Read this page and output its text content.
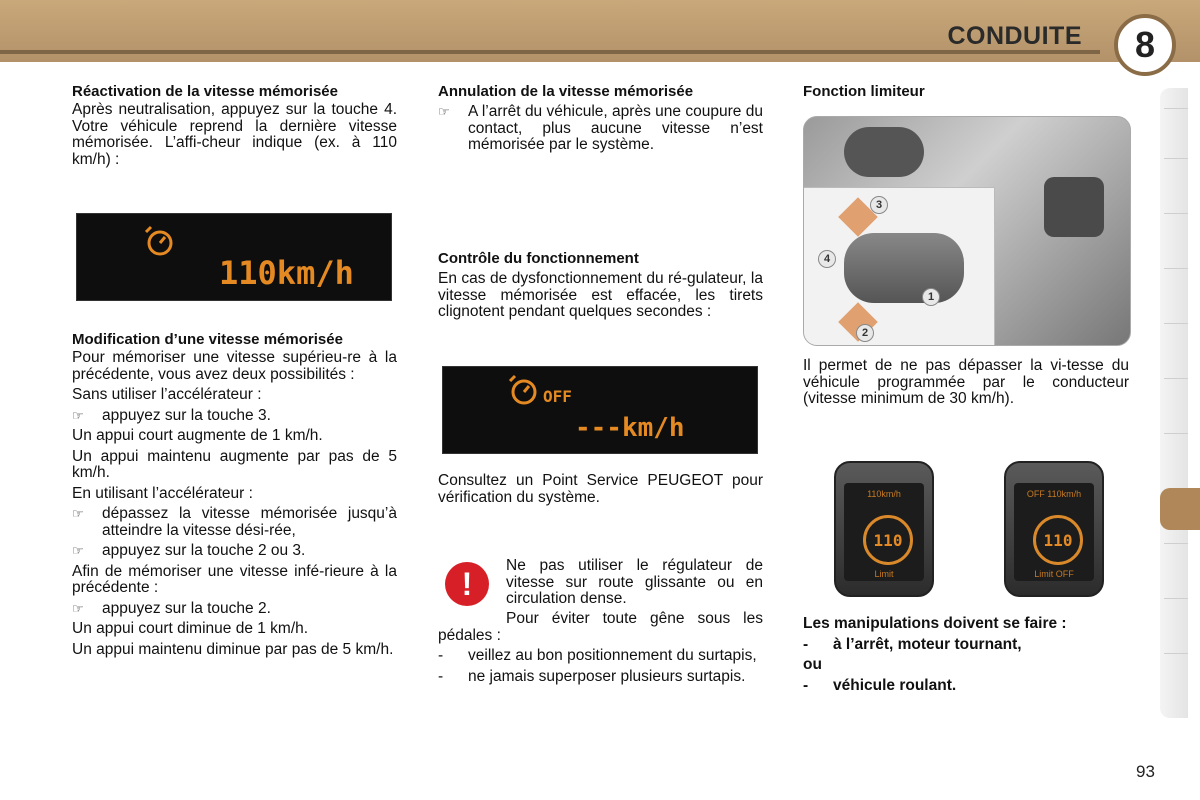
CONDUITE	8
Réactivation de la vitesse mémorisée

Après neutralisation, appuyez sur la touche 4. Votre véhicule reprend la dernière vitesse mémorisée. L’affi-cheur indique (ex. à 110 km/h) :

110km/h
Modification d’une vitesse mémorisée

Pour mémoriser une vitesse supérieu-re à la précédente, vous avez deux possibilités :

Sans utiliser l’accélérateur :

☞	appuyez sur la touche 3.

Un appui court augmente de 1 km/h.

Un appui maintenu augmente par pas de 5 km/h.

En utilisant l’accélérateur :

☞	dépassez la vitesse mémorisée jusqu’à atteindre la vitesse dési-rée,
☞	appuyez sur la touche 2 ou 3.

Afin de mémoriser une vitesse infé-rieure à la précédente :

☞	appuyez sur la touche 2.

Un appui court diminue de 1 km/h.

Un appui maintenu diminue par pas de 5 km/h.

Annulation de la vitesse mémorisée
☞	A l’arrêt du véhicule, après une coupure du contact, plus aucune vitesse n’est mémorisée par le système.
Contrôle du fonctionnement

En cas de dysfonctionnement du ré-gulateur, la vitesse mémorisée est effacée, les tirets clignotent pendant quelques secondes :

OFF
---km/h

Consultez un Point Service PEUGEOT pour vérification du système.

!	Ne pas utiliser le régulateur de vitesse sur route glissante ou en circulation dense.

Pour éviter toute gêne sous les pédales :

-	veillez au bon positionnement du surtapis,
-	ne jamais superposer plusieurs surtapis.
Fonction limiteur
1
2
3
4

Il permet de ne pas dépasser la vi-tesse du véhicule programmée par le conducteur (vitesse minimum de 30 km/h).

110km/h
110
Limit
OFF 110km/h
110
Limit OFF

Les manipulations doivent se faire :

-	à l’arrêt, moteur tournant,

ou

-	véhicule roulant.
93
